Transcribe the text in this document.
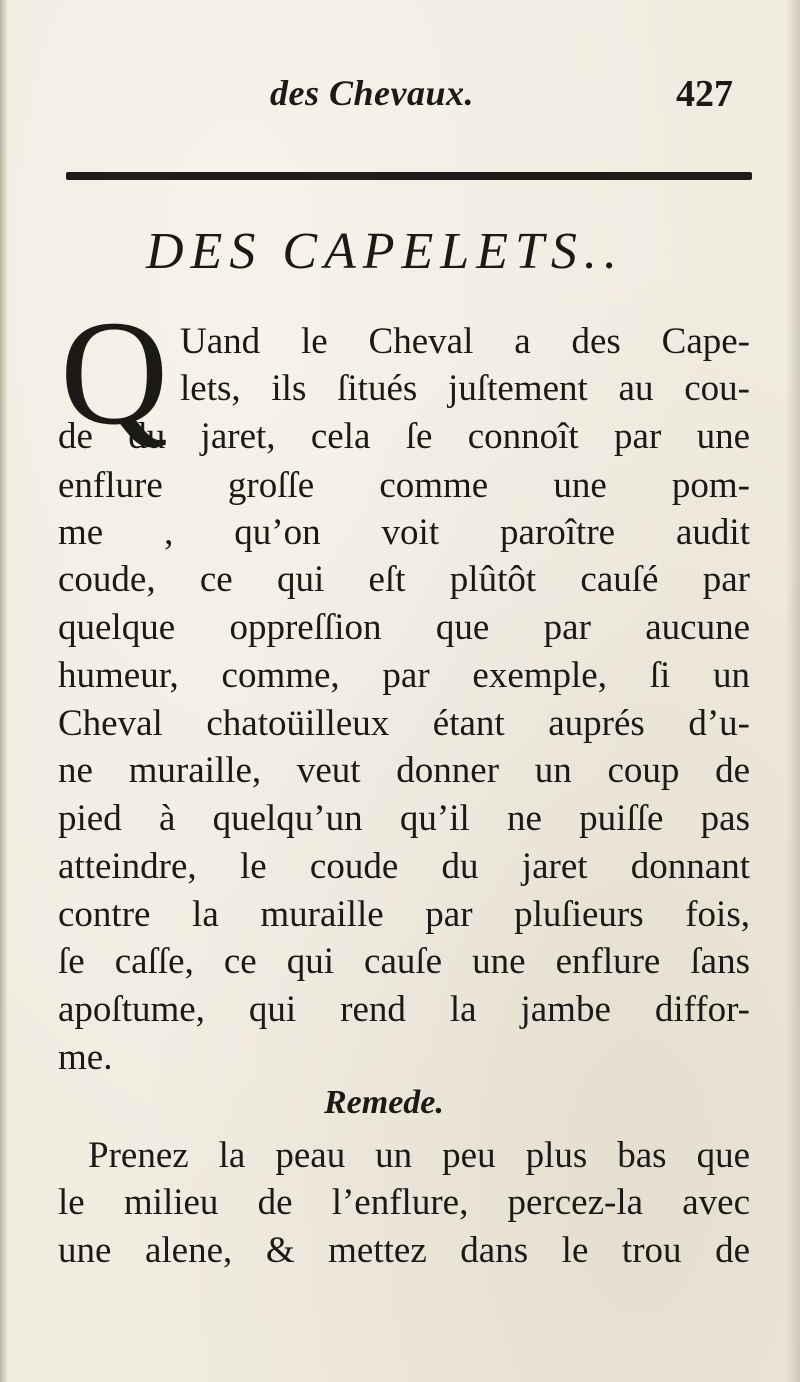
des Chevaux.	427
DES CAPELETS..
Q Uand le Cheval a des Cape-
lets, ils ſitués juſtement au cou-
de du jaret, cela ſe connoît par une
enflure groſſe comme une pom-
me , qu’on voit paroître audit
coude, ce qui eſt plûtôt cauſé par
quelque oppreſſion que par aucune
humeur, comme, par exemple, ſi un
Cheval chatoüilleux étant auprés d’u-
ne muraille, veut donner un coup de
pied à quelqu’un qu’il ne puiſſe pas
atteindre, le coude du jaret donnant
contre la muraille par pluſieurs fois,
ſe caſſe, ce qui cauſe une enflure ſans
apoſtume, qui rend la jambe diffor-
me.
Remede.
Prenez la peau un peu plus bas que
le milieu de l’enflure, percez-la avec
une alene, & mettez dans le trou de
